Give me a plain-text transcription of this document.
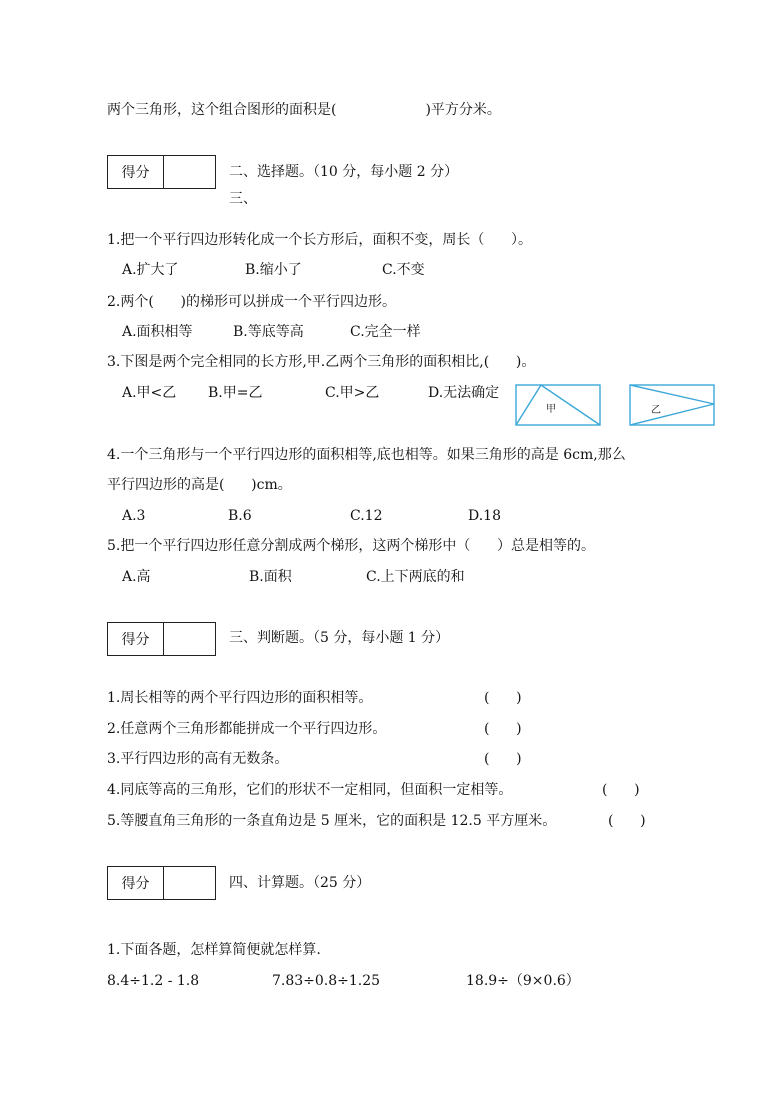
两个三角形，这个组合图形的面积是(                    )平方分米。
得分	二、选择题。（10 分，每小题 2 分）
三、
1.把一个平行四边形转化成一个长方形后，面积不变，周长（      ）。
A.扩大了	B.缩小了	C.不变
2.两个(      )的梯形可以拼成一个平行四边形。
A.面积相等	B.等底等高	C.完全一样
3.下图是两个完全相同的长方形,甲.乙两个三角形的面积相比,(      )。
A.甲<乙 B.甲=乙	C.甲>乙	D.无法确定
甲	乙
4.一个三角形与一个平行四边形的面积相等,底也相等。如果三角形的高是 6cm,那么
平行四边形的高是(      )cm。
A.3	B.6	C.12	D.18
5.把一个平行四边形任意分割成两个梯形，这两个梯形中（      ）总是相等的。
A.高	B.面积	C.上下两底的和
得分	三、判断题。（5 分，每小题 1 分）
1.周长相等的两个平行四边形的面积相等。	(      )
2.任意两个三角形都能拼成一个平行四边形。	(      )
3.平行四边形的高有无数条。	(      )
4.同底等高的三角形，它们的形状不一定相同，但面积一定相等。	(      )
5.等腰直角三角形的一条直角边是 5 厘米，它的面积是 12.5 平方厘米。	(      )
得分	四、计算题。（25 分）
1.下面各题，怎样算简便就怎样算.
8.4÷1.2 - 1.8	7.83÷0.8÷1.25	18.9÷（9×0.6）
